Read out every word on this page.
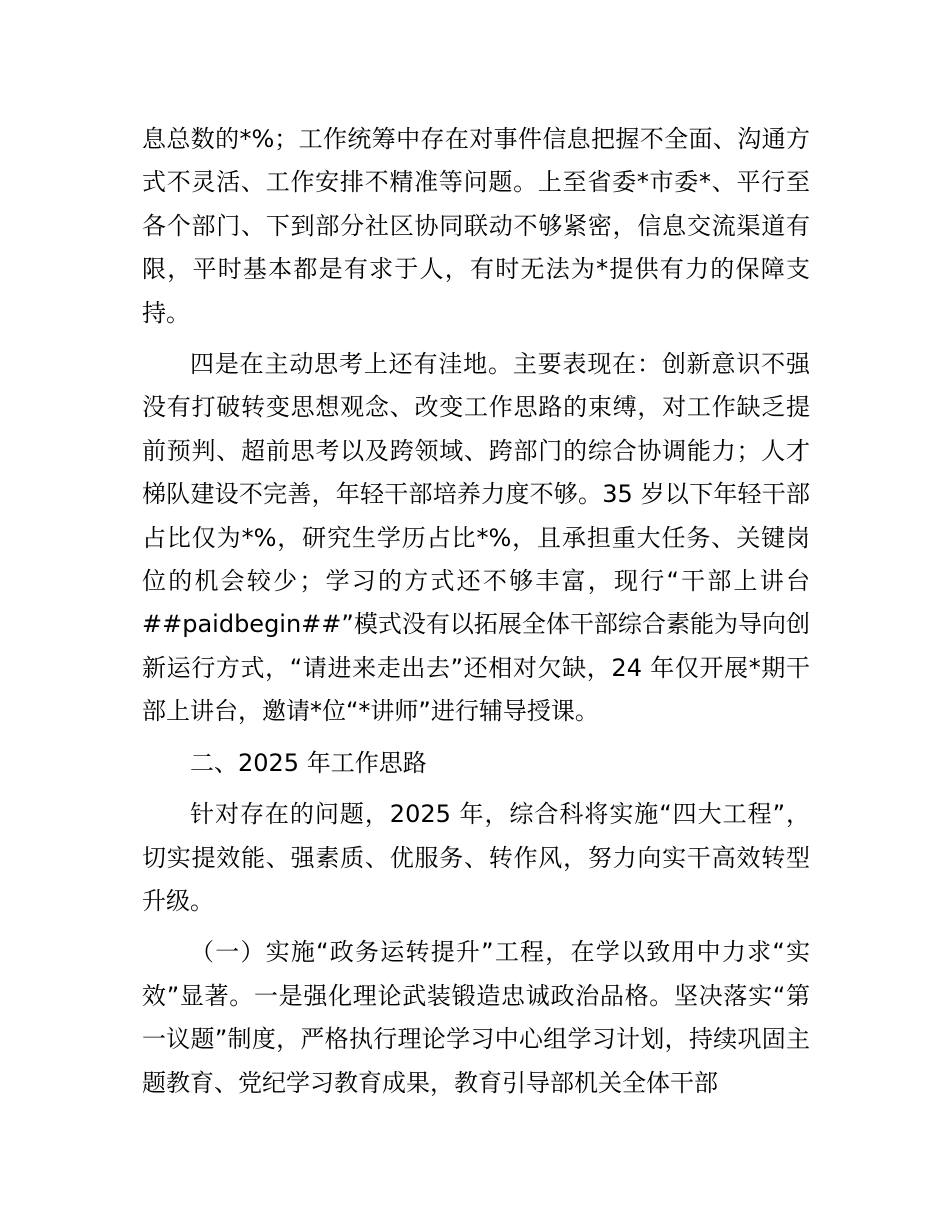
息总数的*%；工作统筹中存在对事件信息把握不全面、沟通方式不灵活、工作安排不精准等问题。上至省委*市委*、平行至各个部门、下到部分社区协同联动不够紧密，信息交流渠道有限，平时基本都是有求于人，有时无法为*提供有力的保障支持。

四是在主动思考上还有洼地。主要表现在：创新意识不强没有打破转变思想观念、改变工作思路的束缚，对工作缺乏提前预判、超前思考以及跨领域、跨部门的综合协调能力；人才梯队建设不完善，年轻干部培养力度不够。35 岁以下年轻干部占比仅为*%，研究生学历占比*%，且承担重大任务、关键岗位的机会较少；学习的方式还不够丰富，现行“干部上讲台##paidbegin##”模式没有以拓展全体干部综合素能为导向创新运行方式，“请进来走出去”还相对欠缺，24 年仅开展*期干部上讲台，邀请*位“*讲师”进行辅导授课。

二、2025 年工作思路

针对存在的问题，2025 年，综合科将实施“四大工程”，切实提效能、强素质、优服务、转作风，努力向实干高效转型升级。

（一）实施“政务运转提升”工程，在学以致用中力求“实效”显著。一是强化理论武装锻造忠诚政治品格。坚决落实“第一议题”制度，严格执行理论学习中心组学习计划，持续巩固主题教育、党纪学习教育成果，教育引导部机关全体干部
